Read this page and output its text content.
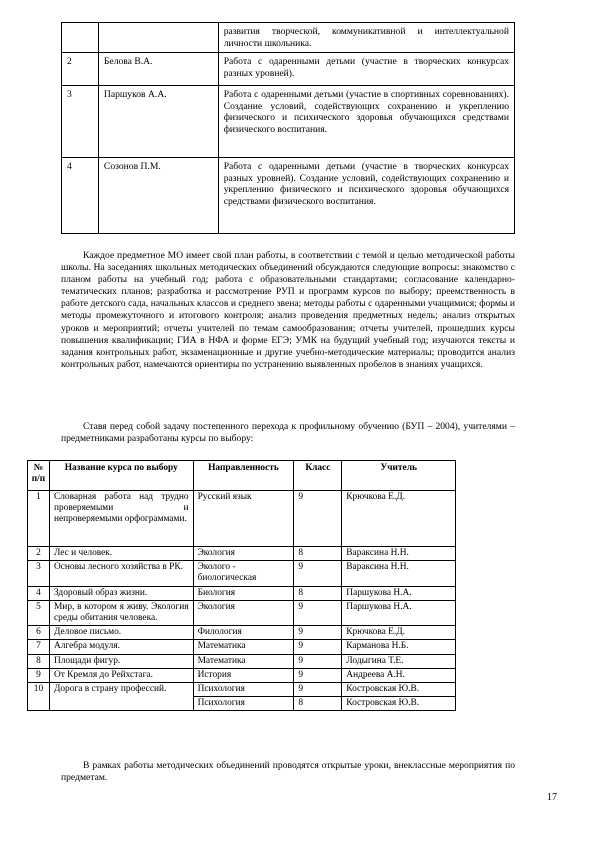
		развития творческой, коммуникативной и интеллектуальной личности школьника.
2	Белова В.А.	Работа с одаренными детьми (участие в творческих конкурсах разных уровней).
3	Паршуков А.А.	Работа с одаренными детьми (участие в спортивных соревнованиях). Создание условий, содействующих сохранению и укреплению физического и психического здоровья обучающихся средствами физического воспитания.
4	Созонов П.М.	Работа с одаренными детьми (участие в творческих конкурсах разных уровней). Создание условий, содействующих сохранению и укреплению физического и психического здоровья обучающихся средствами физического воспитания.

Каждое предметное МО имеет свой план работы, в соответствии с темой и целью методической работы школы. На заседаниях школьных методических объединений обсуждаются следующие вопросы: знакомство с планом работы на учебный год; работа с образовательными стандартами; согласование календарно-тематических планов; разработка и рассмотрение РУП и программ курсов по выбору; преемственность в работе детского сада, начальных классов и среднего звена; методы работы с одаренными учащимися; формы и методы промежуточного и итогового контроля; анализ проведения предметных недель; анализ открытых уроков и мероприятий; отчеты учителей по темам самообразования; отчеты учителей, прошедших курсы повышения квалификации; ГИА в НФА и форме ЕГЭ; УМК на будущий учебный год; изучаются тексты и задания контрольных работ, экзаменационные и другие учебно-методические материалы; проводится анализ контрольных работ, намечаются ориентиры по устранению выявленных пробелов в знаниях учащихся.

Ставя перед собой задачу постепенного перехода к профильному обучению (БУП – 2004), учителями – предметниками разработаны курсы по выбору:

№ п/п	Название курса по выбору	Направленность	Класс	Учитель
1	Словарная работа над трудно проверяемыми и непроверяемыми орфограммами.	Русский язык	9	Крючкова Е.Д.
2	Лес и человек.	Экология	8	Вараксина Н.Н.
3	Основы лесного хозяйства в РК.	Эколого - биологическая	9	Вараксина Н.Н.
4	Здоровый образ жизни.	Биология	8	Паршукова Н.А.
5	Мир, в котором я живу. Экология среды обитания человека.	Экология	9	Паршукова Н.А.
6	Деловое письмо.	Филология	9	Крючкова Е.Д.
7	Алгебра модуля.	Математика	9	Карманова Н.Б.
8	Площади фигур.	Математика	9	Лодыгина Т.Е.
9	От Кремля до Рейхстага.	История	9	Андреева А.Н.
10	Дорога в страну профессий.	Психология	9	Костровская Ю.В.
		Психология	8	Костровская Ю.В.

В рамках работы методических объединений проводятся открытые уроки, внеклассные мероприятия по предметам.

17
